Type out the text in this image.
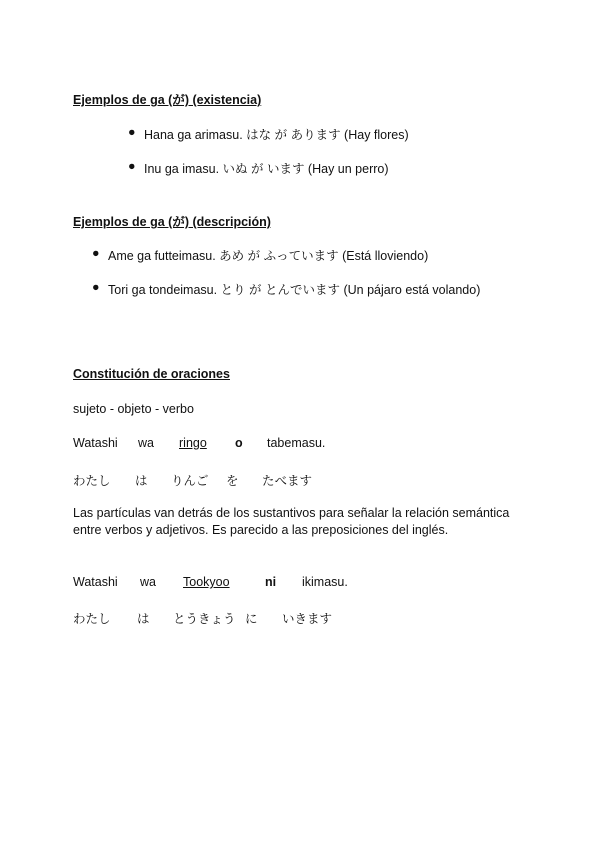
Ejemplos de ga (が) (existencia)
● Hana ga arimasu. はな が あります (Hay flores)
● Inu ga imasu. いぬ が います (Hay un perro)
Ejemplos de ga (が) (descripción)
● Ame ga futteimasu. あめ が ふっています (Está lloviendo)
● Tori ga tondeimasu. とり が とんでいます (Un pájaro está volando)
Constitución de oraciones
sujeto - objeto - verbo
Watashi wa ringo o tabemasu.
わたし は りんご を たべます
Las partículas van detrás de los sustantivos para señalar la relación semántica entre verbos y adjetivos. Es parecido a las preposiciones del inglés.
Watashi wa Tookyoo	ni ikimasu.
わたし は とうきょう に いきます
